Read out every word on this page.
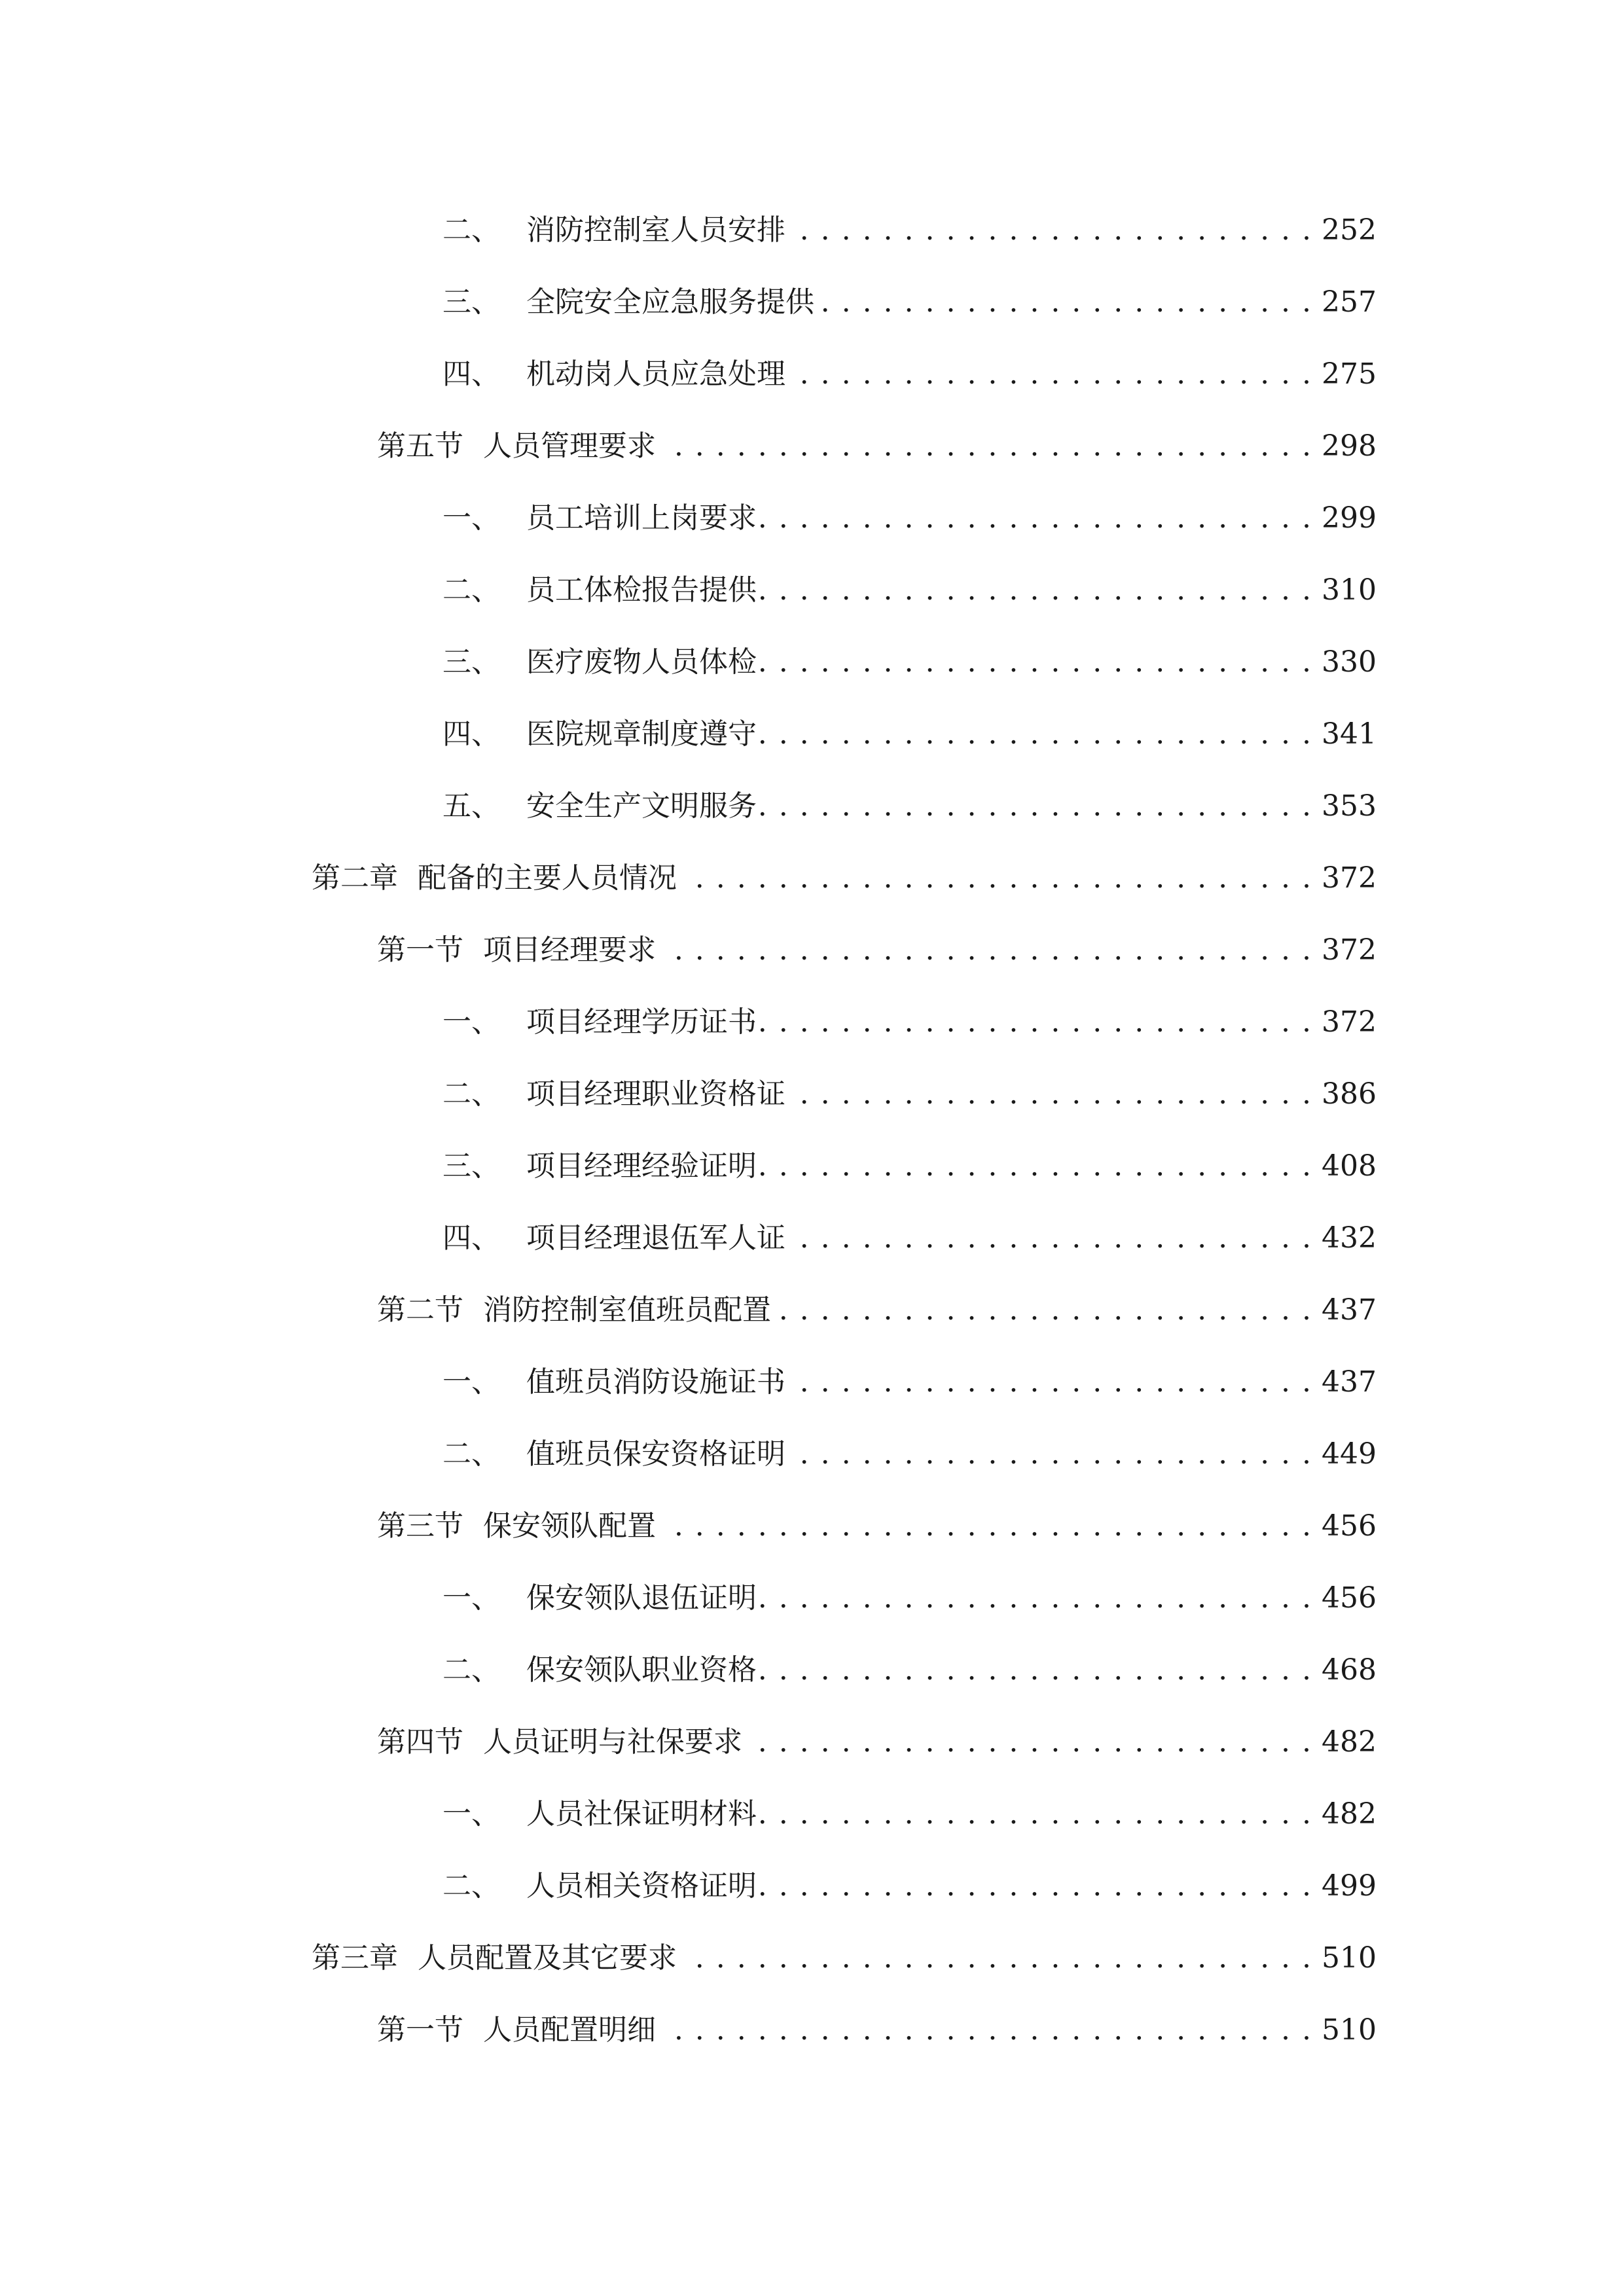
二、 消防控制室人员安排 . . .	252
三、 全院安全应急服务提供 . . .	257
四、 机动岗人员应急处理 . . .	275
第五节 人员管理要求 . . .	298
一、 员工培训上岗要求 . . .	299
二、 员工体检报告提供 . . .	310
三、 医疗废物人员体检 . . .	330
四、 医院规章制度遵守 . . .	341
五、 安全生产文明服务 . . .	353
第二章 配备的主要人员情况 . . .	372
第一节 项目经理要求 . . .	372
一、 项目经理学历证书 . . .	372
二、 项目经理职业资格证 . . .	386
三、 项目经理经验证明 . . .	408
四、 项目经理退伍军人证 . . .	432
第二节 消防控制室值班员配置 . . .	437
一、 值班员消防设施证书 . . .	437
二、 值班员保安资格证明 . . .	449
第三节 保安领队配置 . . .	456
一、 保安领队退伍证明 . . .	456
二、 保安领队职业资格 . . .	468
第四节 人员证明与社保要求 . . .	482
一、 人员社保证明材料 . . .	482
二、 人员相关资格证明 . . .	499
第三章 人员配置及其它要求 . . .	510
第一节 人员配置明细 . . .	510
